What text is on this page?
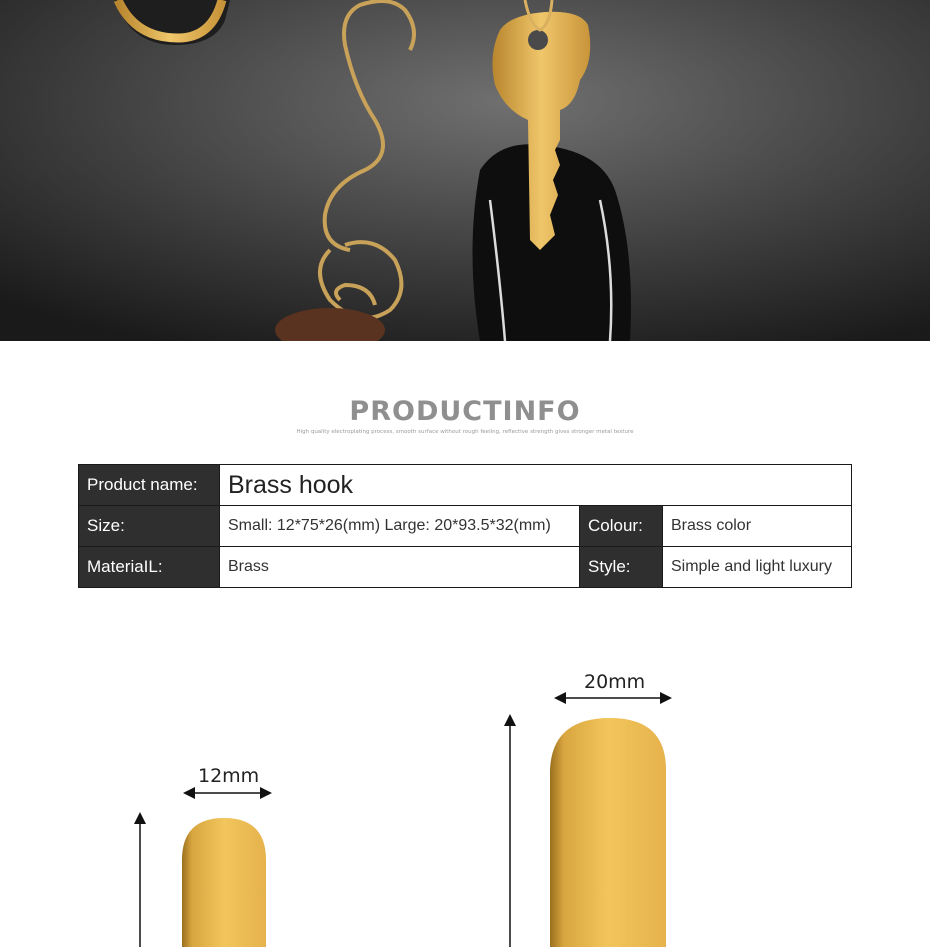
PRODUCTINFO
High quality electroplating process, smooth surface without rough feeling, reflective strength gives stronger metal texture
Product name:	Brass hook		
Size:	Small: 12*75*26(mm) Large: 20*93.5*32(mm)	Colour:	Brass color
MateriaIL:	Brass	Style:	Simple and light luxury
12mm
20mm
